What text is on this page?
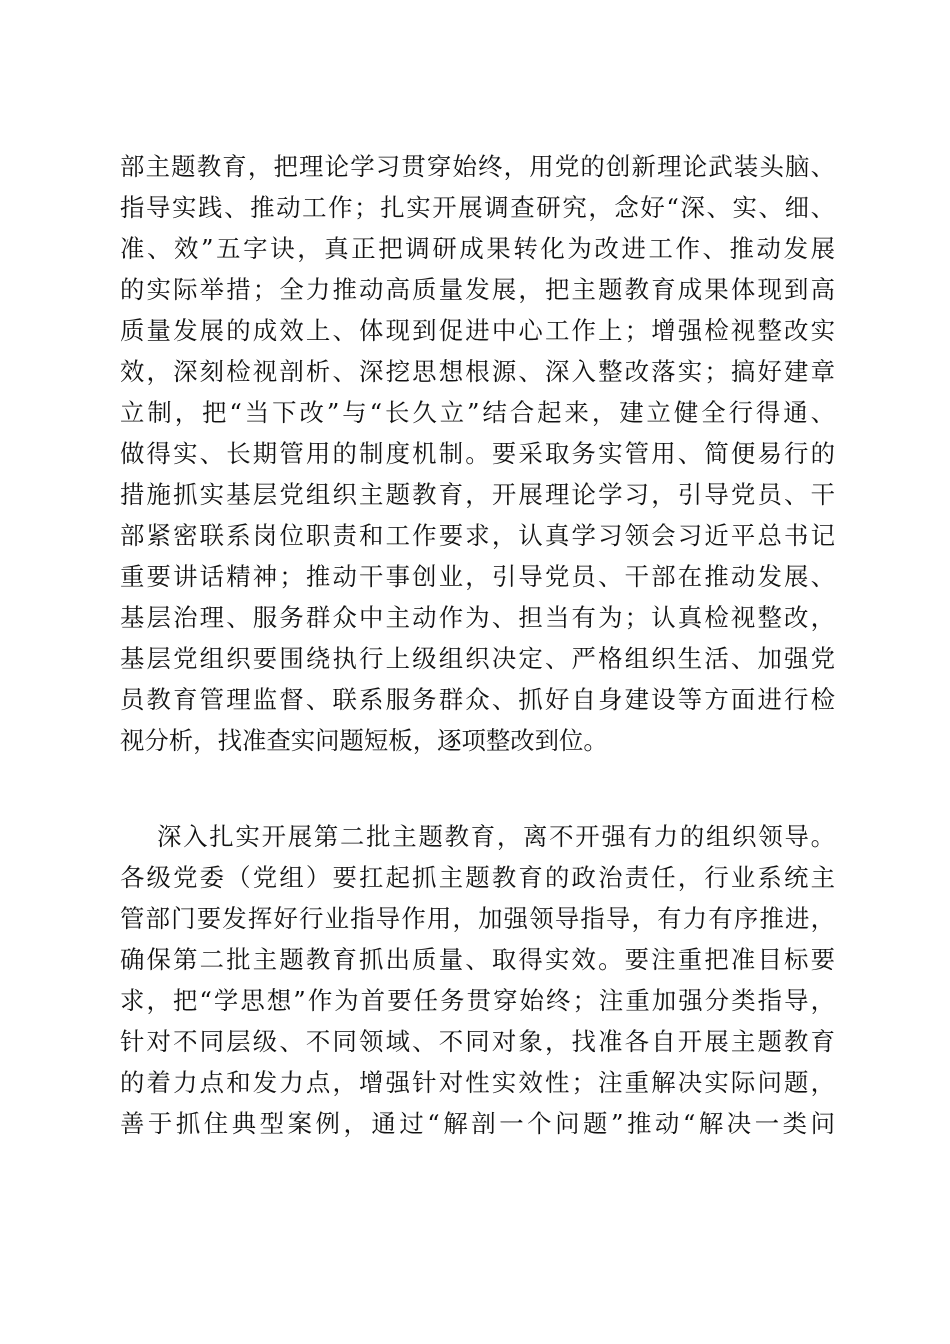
部主题教育，把理论学习贯穿始终，用党的创新理论武装头脑、
指导实践、推动工作；扎实开展调查研究，念好“深、实、细、
准、效”五字诀，真正把调研成果转化为改进工作、推动发展
的实际举措；全力推动高质量发展，把主题教育成果体现到高
质量发展的成效上、体现到促进中心工作上；增强检视整改实
效，深刻检视剖析、深挖思想根源、深入整改落实；搞好建章
立制，把“当下改”与“长久立”结合起来，建立健全行得通、
做得实、长期管用的制度机制。要采取务实管用、简便易行的
措施抓实基层党组织主题教育，开展理论学习，引导党员、干
部紧密联系岗位职责和工作要求，认真学习领会习近平总书记
重要讲话精神；推动干事创业，引导党员、干部在推动发展、
基层治理、服务群众中主动作为、担当有为；认真检视整改，
基层党组织要围绕执行上级组织决定、严格组织生活、加强党
员教育管理监督、联系服务群众、抓好自身建设等方面进行检
视分析，找准查实问题短板，逐项整改到位。
深入扎实开展第二批主题教育，离不开强有力的组织领导。
各级党委（党组）要扛起抓主题教育的政治责任，行业系统主
管部门要发挥好行业指导作用，加强领导指导，有力有序推进，
确保第二批主题教育抓出质量、取得实效。要注重把准目标要
求，把“学思想”作为首要任务贯穿始终；注重加强分类指导，
针对不同层级、不同领域、不同对象，找准各自开展主题教育
的着力点和发力点，增强针对性实效性；注重解决实际问题，
善于抓住典型案例，通过“解剖一个问题”推动“解决一类问
